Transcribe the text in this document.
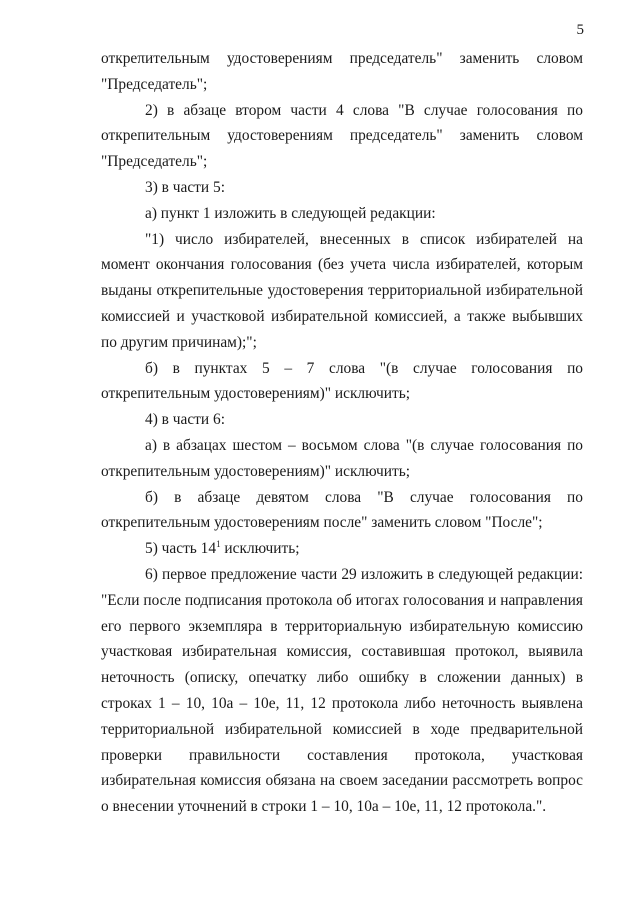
5

откреπительным удостоверениям председатель" заменить словом "Председатель";

2) в абзаце втором части 4 слова "В случае голосования по открепительным удостоверениям председатель" заменить словом "Председатель";

3) в части 5:

а) пункт 1 изложить в следующей редакции:

"1) число избирателей, внесенных в список избирателей на момент окончания голосования (без учета числа избирателей, которым выданы открепительные удостоверения территориальной избирательной комиссией и участковой избирательной комиссией, а также выбывших по другим причинам);";

б) в пунктах 5 – 7 слова "(в случае голосования по открепительным удостоверениям)" исключить;

4) в части 6:

а) в абзацах шестом – восьмом слова "(в случае голосования по открепительным удостоверениям)" исключить;

б) в абзаце девятом слова "В случае голосования по открепительным удостоверениям после" заменить словом "После";

5) часть $14^1$ исключить;

6) первое предложение части 29 изложить в следующей редакции: "Если после подписания протокола об итогах голосования и направления его первого экземпляра в территориальную избирательную комиссию участковая избирательная комиссия, составившая протокол, выявила неточность (описку, опечатку либо ошибку в сложении данных) в строках 1 – 10, 10а – 10е, 11, 12 протокола либо неточность выявлена территориальной избирательной комиссией в ходе предварительной проверки правильности составления протокола, участковая избирательная комиссия обязана на своем заседании рассмотреть вопрос о внесении уточнений в строки 1 – 10, 10а – 10е, 11, 12 протокола.".
